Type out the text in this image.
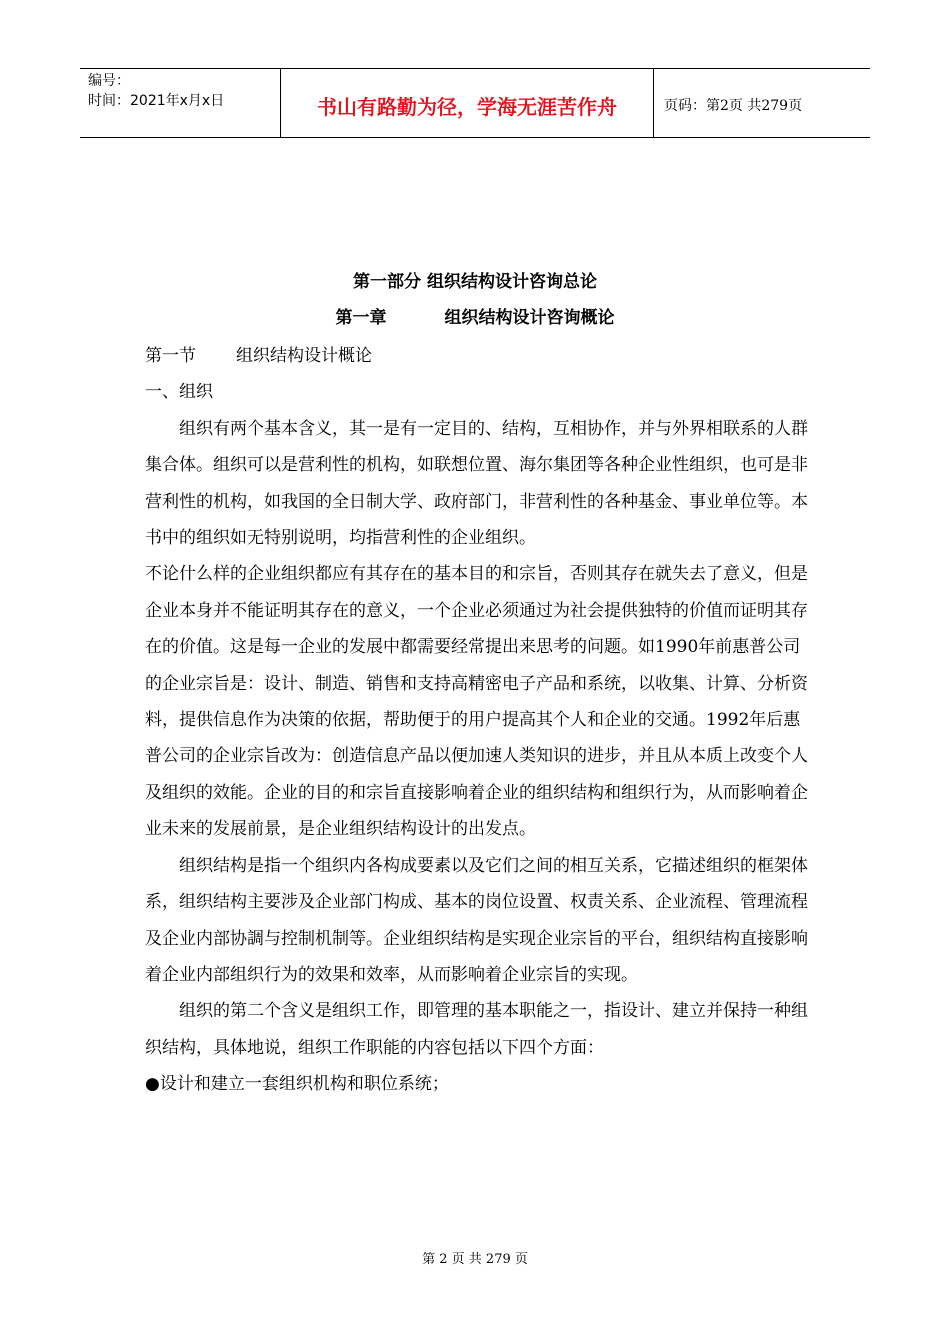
编号：
时间：2021年x月x日	书山有路勤为径，学海无涯苦作舟	页码：第2页 共279页
第一部分 组织结构设计咨询总论
第一章	组织结构设计咨询概论

第一节 组织结构设计概论

一、组织

组织有两个基本含义，其一是有一定目的、结构，互相协作，并与外界相联系的人群集合体。组织可以是营利性的机构，如联想位置、海尔集团等各种企业性组织，也可是非营利性的机构，如我国的全日制大学、政府部门，非营利性的各种基金、事业单位等。本书中的组织如无特别说明，均指营利性的企业组织。

不论什么样的企业组织都应有其存在的基本目的和宗旨，否则其存在就失去了意义，但是企业本身并不能证明其存在的意义，一个企业必须通过为社会提供独特的价值而证明其存在的价值。这是每一企业的发展中都需要经常提出来思考的问题。如1990年前惠普公司的企业宗旨是：设计、制造、销售和支持高精密电子产品和系统，以收集、计算、分析资料，提供信息作为决策的依据，帮助便于的用户提高其个人和企业的交通。1992年后惠普公司的企业宗旨改为：创造信息产品以便加速人类知识的进步，并且从本质上改变个人及组织的效能。企业的目的和宗旨直接影响着企业的组织结构和组织行为，从而影响着企业未来的发展前景，是企业组织结构设计的出发点。

组织结构是指一个组织内各构成要素以及它们之间的相互关系，它描述组织的框架体系，组织结构主要涉及企业部门构成、基本的岗位设置、权责关系、企业流程、管理流程及企业内部协調与控制机制等。企业组织结构是实现企业宗旨的平台，组织结构直接影响着企业内部组织行为的效果和效率，从而影响着企业宗旨的实现。

组织的第二个含义是组织工作，即管理的基本职能之一，指设计、建立并保持一种组织结构，具体地说，组织工作职能的内容包括以下四个方面：

●设计和建立一套组织机构和职位系统；

第 2 页 共 279 页
